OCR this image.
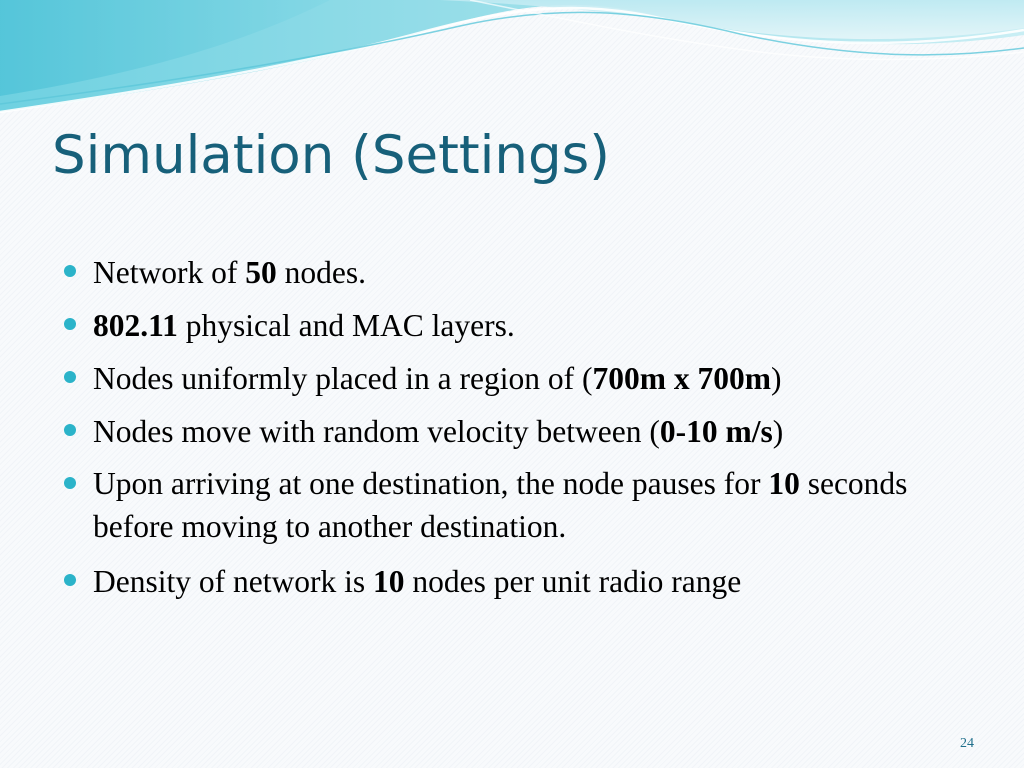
Simulation (Settings)
Network of 50 nodes.
802.11 physical and MAC layers.
Nodes uniformly placed in a region of (700m x 700m)
Nodes move with random velocity between (0-10 m/s)
Upon arriving at one destination, the node pauses for 10 seconds before moving to another destination.
Density of network is 10 nodes per unit radio range
24
